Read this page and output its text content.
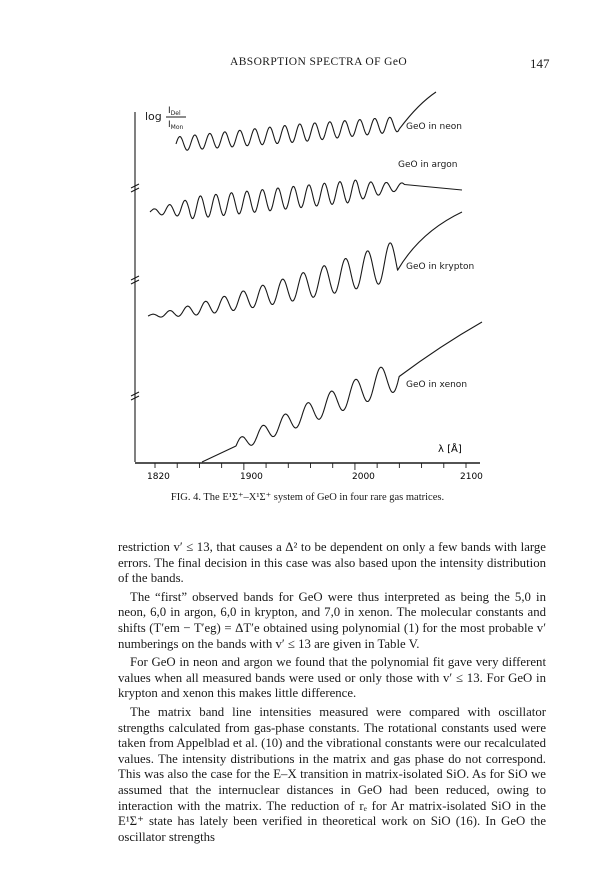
ABSORPTION SPECTRA OF GeO	147
$\log I_{Del}$
$I_{Mon}$
1820	1900	2000	2100
λ [Å]
GeO in neon
GeO in argon
GeO in krypton
GeO in xenon
FIG. 4. The E¹Σ⁺–X¹Σ⁺ system of GeO in four rare gas matrices.

restriction v′ ≤ 13, that causes a Δ² to be dependent on only a few bands with large errors. The final decision in this case was also based upon the intensity distribution of the bands.

The “first” observed bands for GeO were thus interpreted as being the 5,0 in neon, 6,0 in argon, 6,0 in krypton, and 7,0 in xenon. The molecular constants and shifts (T′em − T′eg) = ΔT′e obtained using polynomial (1) for the most probable v′ numberings on the bands with v′ ≤ 13 are given in Table V.

For GeO in neon and argon we found that the polynomial fit gave very different values when all measured bands were used or only those with v′ ≤ 13. For GeO in krypton and xenon this makes little difference.

The matrix band line intensities measured were compared with oscillator strengths calculated from gas-phase constants. The rotational constants used were taken from Appelblad et al. (10) and the vibrational constants were our recalculated values. The intensity distributions in the matrix and gas phase do not correspond. This was also the case for the E–X transition in matrix-isolated SiO. As for SiO we assumed that the internuclear distances in GeO had been reduced, owing to interaction with the matrix. The reduction of rₑ for Ar matrix-isolated SiO in the E¹Σ⁺ state has lately been verified in theoretical work on SiO (16). In GeO the oscillator strengths
